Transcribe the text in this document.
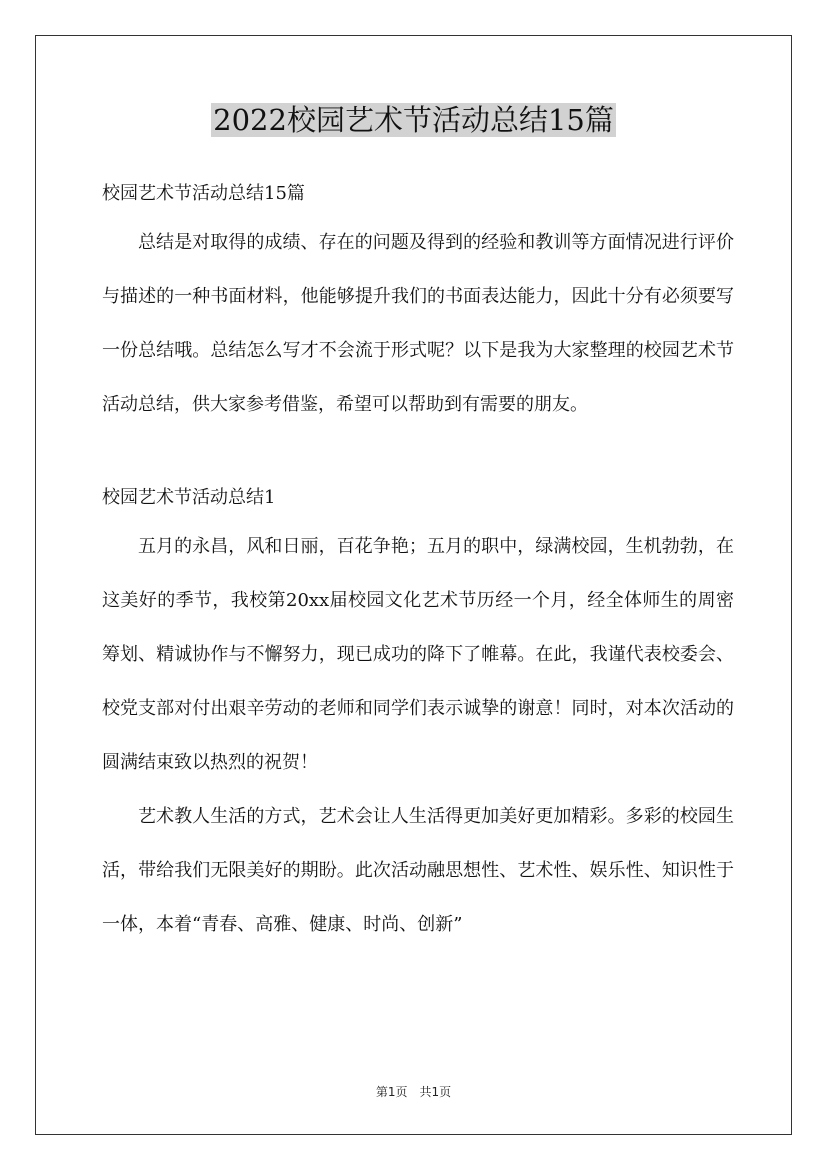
2022校园艺术节活动总结15篇

校园艺术节活动总结15篇

总结是对取得的成绩、存在的问题及得到的经验和教训等方面情况进行评价与描述的一种书面材料，他能够提升我们的书面表达能力，因此十分有必须要写一份总结哦。总结怎么写才不会流于形式呢？以下是我为大家整理的校园艺术节活动总结，供大家参考借鉴，希望可以帮助到有需要的朋友。

校园艺术节活动总结1

五月的永昌，风和日丽，百花争艳；五月的职中，绿满校园，生机勃勃，在这美好的季节，我校第20xx届校园文化艺术节历经一个月，经全体师生的周密筹划、精诚协作与不懈努力，现已成功的降下了帷幕。在此，我谨代表校委会、校党支部对付出艰辛劳动的老师和同学们表示诚挚的谢意！同时，对本次活动的圆满结束致以热烈的祝贺！

艺术教人生活的方式，艺术会让人生活得更加美好更加精彩。多彩的校园生活，带给我们无限美好的期盼。此次活动融思想性、艺术性、娱乐性、知识性于一体，本着“青春、高雅、健康、时尚、创新”

第1页　共1页
